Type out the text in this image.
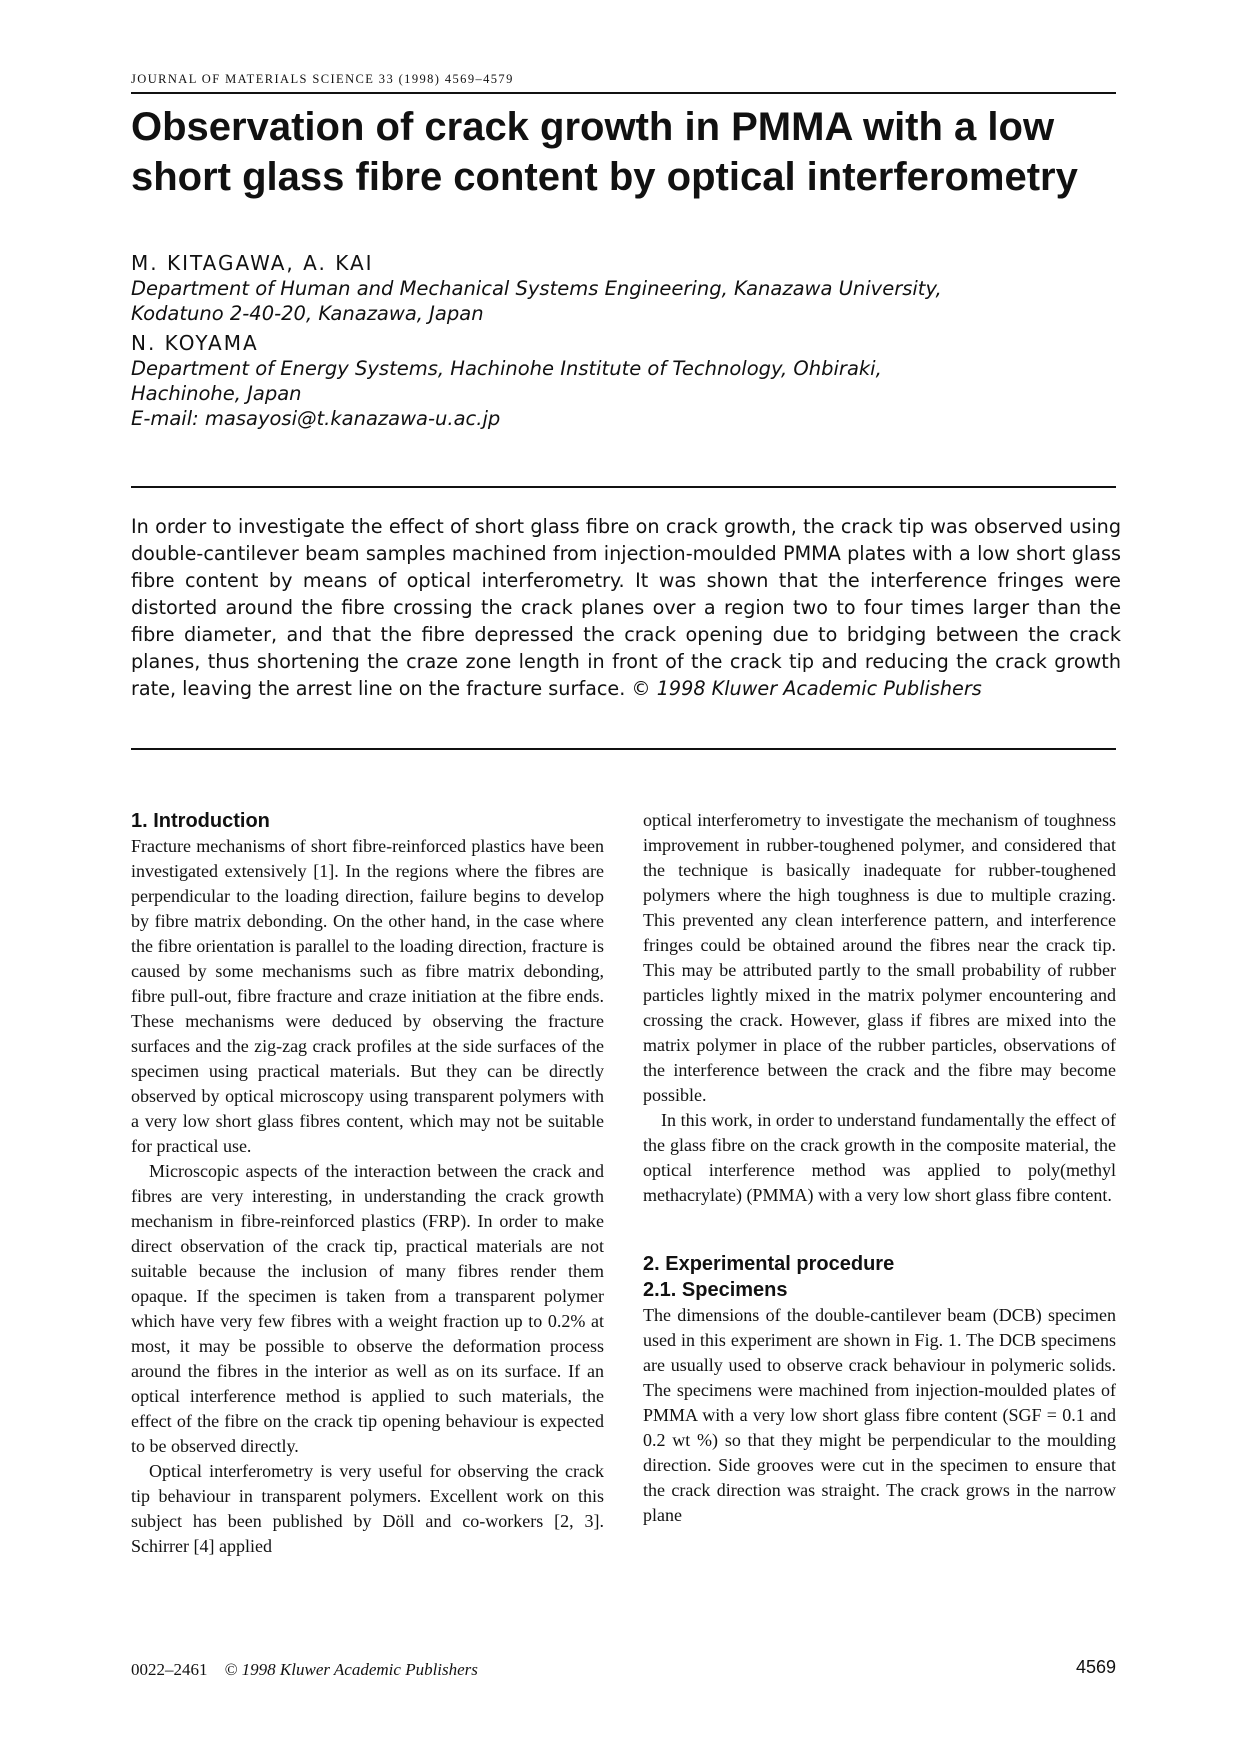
JOURNAL OF MATERIALS SCIENCE 33 (1998) 4569–4579
Observation of crack growth in PMMA with a low
short glass fibre content by optical interferometry
M. KITAGAWA, A. KAI
Department of Human and Mechanical Systems Engineering, Kanazawa University,
Kodatuno 2-40-20, Kanazawa, Japan
N. KOYAMA
Department of Energy Systems, Hachinohe Institute of Technology, Ohbiraki,
Hachinohe, Japan
E-mail: masayosi@t.kanazawa-u.ac.jp

In order to investigate the effect of short glass fibre on crack growth, the crack tip was observed using double-cantilever beam samples machined from injection-moulded PMMA plates with a low short glass fibre content by means of optical interferometry. It was shown that the interference fringes were distorted around the fibre crossing the crack planes over a region two to four times larger than the fibre diameter, and that the fibre depressed the crack opening due to bridging between the crack planes, thus shortening the craze zone length in front of the crack tip and reducing the crack growth rate, leaving the arrest line on the fracture surface. © 1998 Kluwer Academic Publishers

1. Introduction

Fracture mechanisms of short fibre-reinforced plastics have been investigated extensively [1]. In the regions where the fibres are perpendicular to the loading direction, failure begins to develop by fibre matrix debonding. On the other hand, in the case where the fibre orientation is parallel to the loading direction, fracture is caused by some mechanisms such as fibre matrix debonding, fibre pull-out, fibre fracture and craze initiation at the fibre ends. These mechanisms were deduced by observing the fracture surfaces and the zig-zag crack profiles at the side surfaces of the specimen using practical materials. But they can be directly observed by optical microscopy using transparent polymers with a very low short glass fibres content, which may not be suitable for practical use.

Microscopic aspects of the interaction between the crack and fibres are very interesting, in understanding the crack growth mechanism in fibre-reinforced plastics (FRP). In order to make direct observation of the crack tip, practical materials are not suitable because the inclusion of many fibres render them opaque. If the specimen is taken from a transparent polymer which have very few fibres with a weight fraction up to 0.2% at most, it may be possible to observe the deformation process around the fibres in the interior as well as on its surface. If an optical interference method is applied to such materials, the effect of the fibre on the crack tip opening behaviour is expected to be observed directly.

Optical interferometry is very useful for observing the crack tip behaviour in transparent polymers. Excellent work on this subject has been published by Döll and co-workers [2, 3]. Schirrer [4] applied

optical interferometry to investigate the mechanism of toughness improvement in rubber-toughened polymer, and considered that the technique is basically inadequate for rubber-toughened polymers where the high toughness is due to multiple crazing. This prevented any clean interference pattern, and interference fringes could be obtained around the fibres near the crack tip. This may be attributed partly to the small probability of rubber particles lightly mixed in the matrix polymer encountering and crossing the crack. However, glass if fibres are mixed into the matrix polymer in place of the rubber particles, observations of the interference between the crack and the fibre may become possible.

In this work, in order to understand fundamentally the effect of the glass fibre on the crack growth in the composite material, the optical interference method was applied to poly(methyl methacrylate) (PMMA) with a very low short glass fibre content.

2. Experimental procedure
2.1. Specimens

The dimensions of the double-cantilever beam (DCB) specimen used in this experiment are shown in Fig. 1. The DCB specimens are usually used to observe crack behaviour in polymeric solids. The specimens were machined from injection-moulded plates of PMMA with a very low short glass fibre content (SGF = 0.1 and 0.2 wt %) so that they might be perpendicular to the moulding direction. Side grooves were cut in the specimen to ensure that the crack direction was straight. The crack grows in the narrow plane

0022–2461 © 1998 Kluwer Academic Publishers	4569
